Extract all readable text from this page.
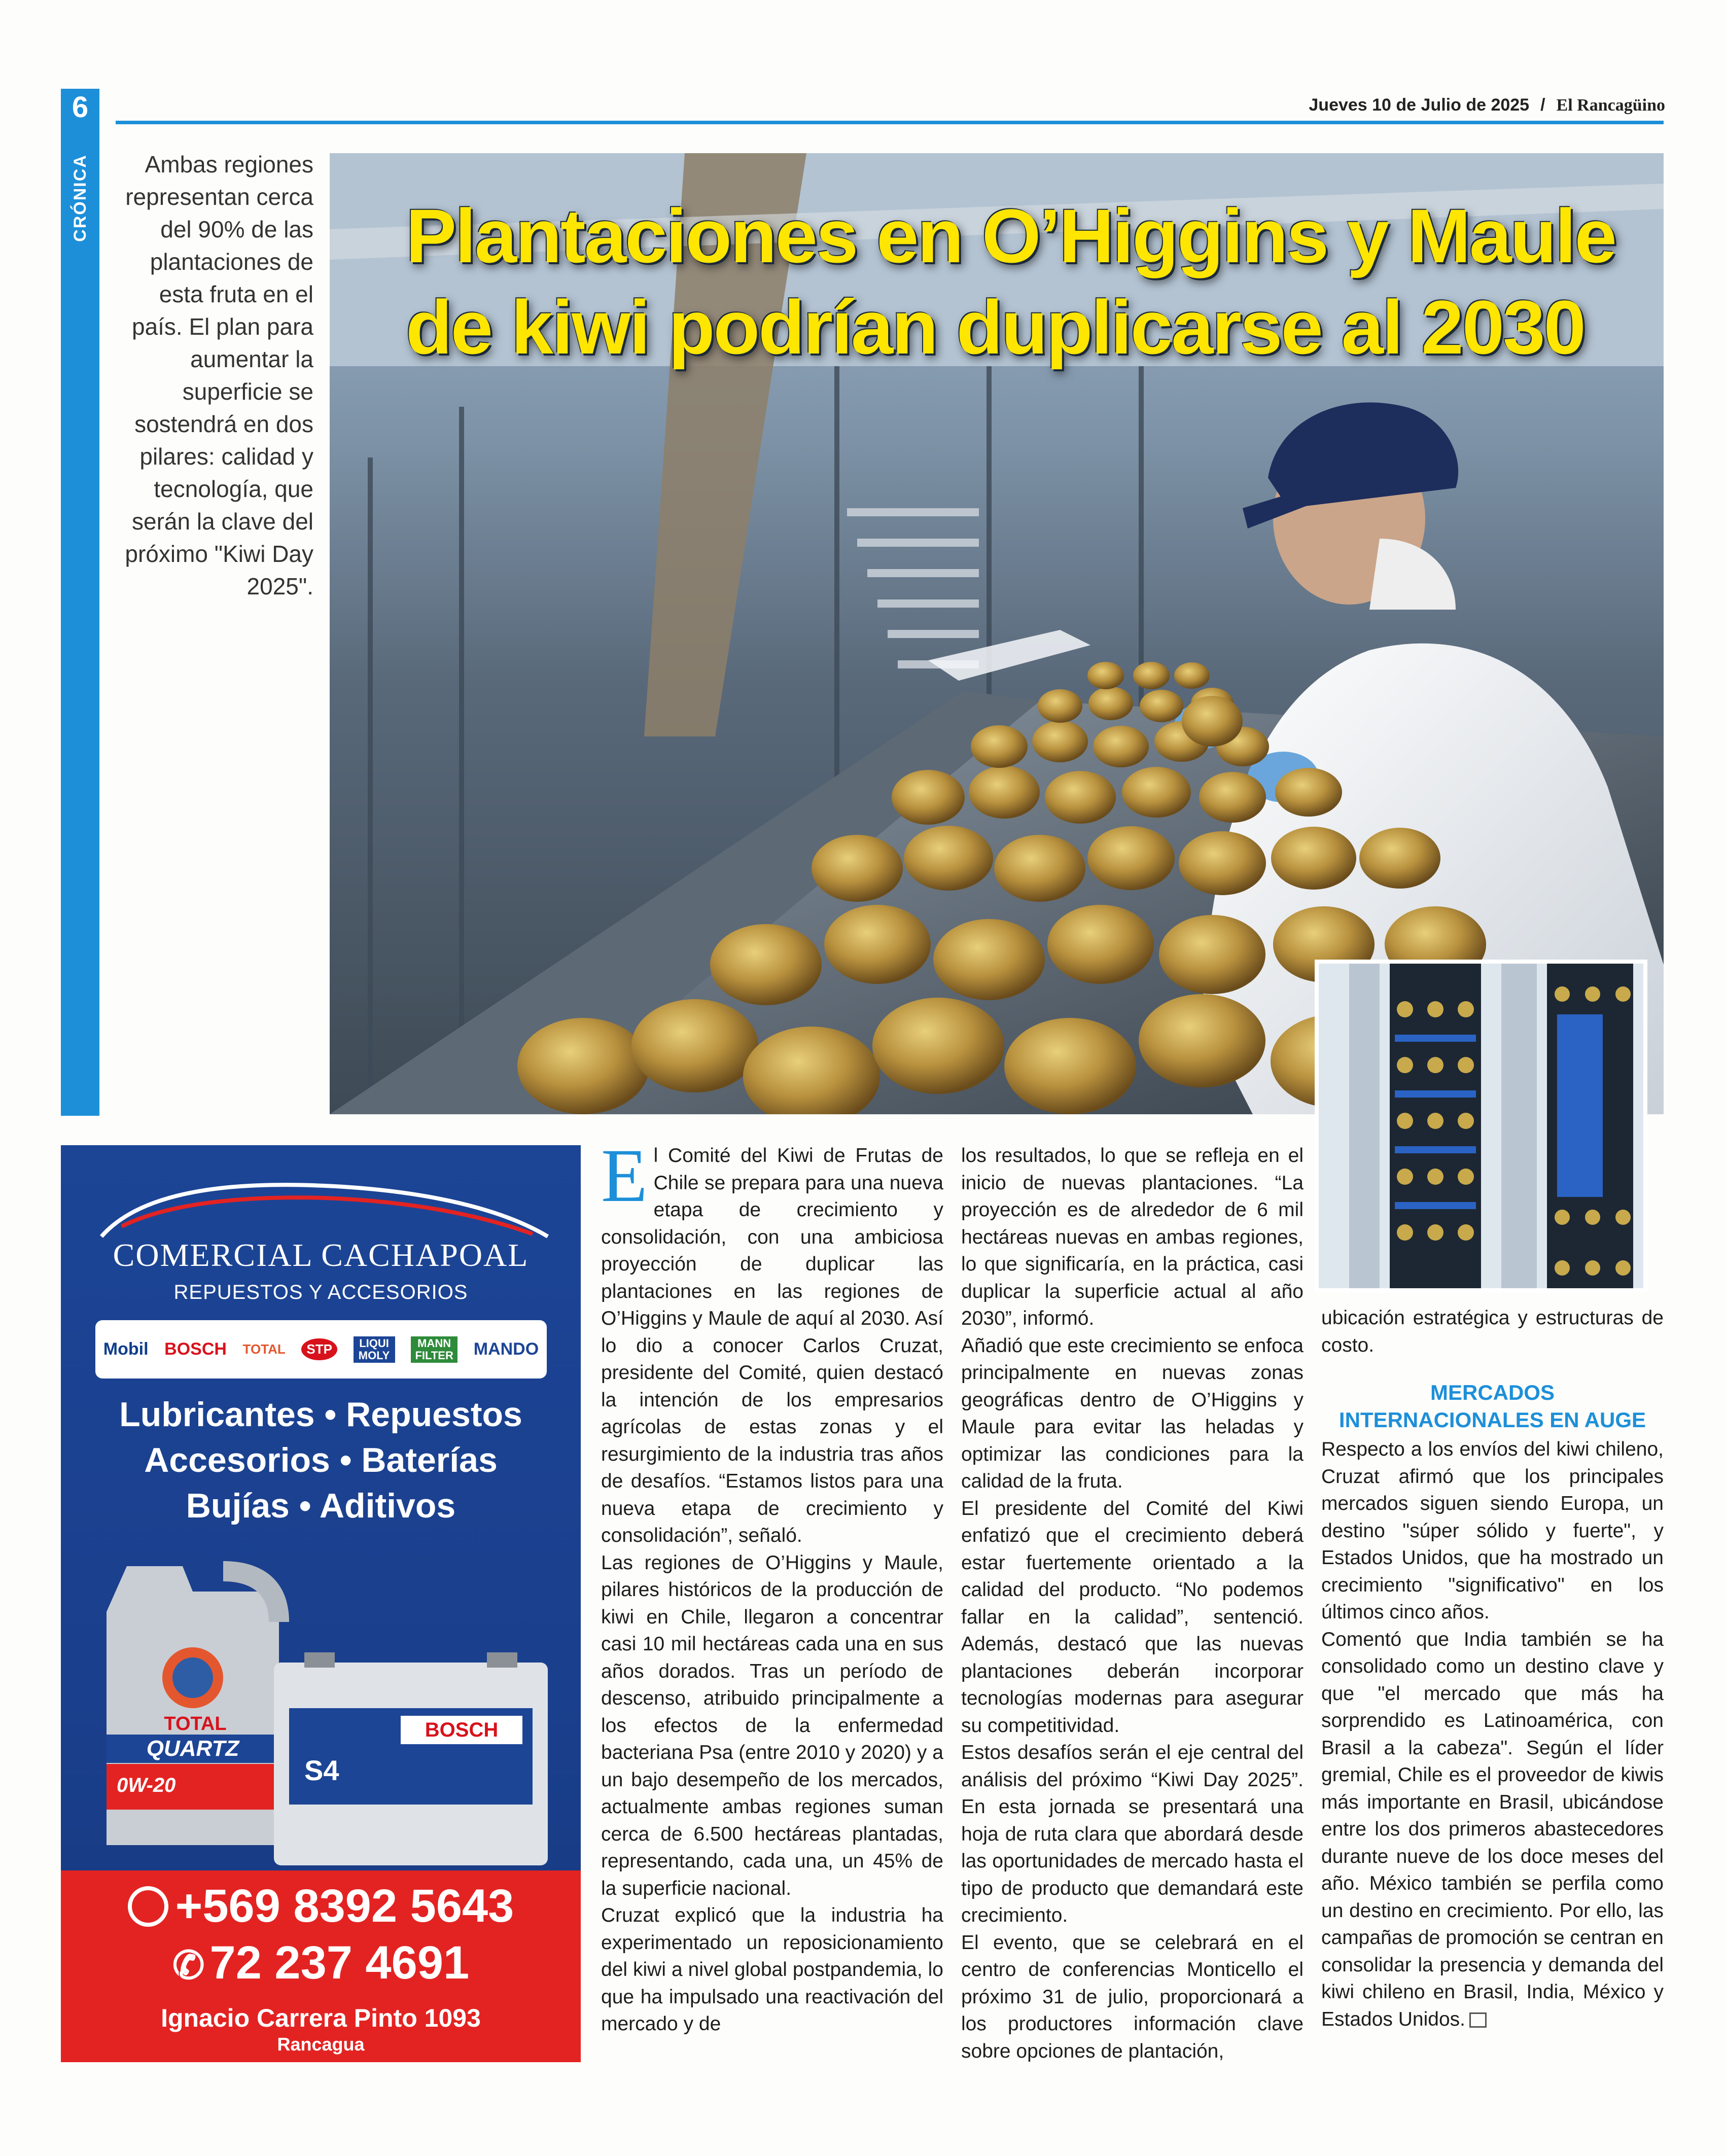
6
CRÓNICA
Jueves 10 de Julio de 2025 / El Rancagüino
Ambas regiones representan cerca del 90% de las plantaciones de esta fruta en el país. El plan para aumentar la superficie se sostendrá en dos pilares: calidad y tecnología, que serán la clave del próximo "Kiwi Day 2025".
Plantaciones en O’Higgins y Maule
de kiwi podrían duplicarse al 2030
COMERCIAL CACHAPOAL
REPUESTOS Y ACCESORIOS
Mobil BOSCH TOTAL	STP	LIQUI MOLY
MANN FILTER MANDO
Lubricantes • Repuestos
Accesorios • Baterías
Bujías • Aditivos
TOTAL
QUARTZ
0W-20
BOSCH
S4
+569 8392 5643
✆ 72 237 4691
Ignacio Carrera Pinto 1093
Rancagua
E l Comité del Kiwi de Frutas de Chile se prepara para una nueva etapa de crecimiento y consolidación, con una ambiciosa proyección de duplicar las plantaciones en las regiones de O’Higgins y Maule de aquí al 2030. Así lo dio a conocer Carlos Cruzat, presidente del Comité, quien destacó la intención de los empresarios agrícolas de estas zonas y el resurgimiento de la industria tras años de desafíos. “Estamos listos para una nueva etapa de crecimiento y consolidación”, señaló.

Las regiones de O’Higgins y Maule, pilares históricos de la producción de kiwi en Chile, llegaron a concentrar casi 10 mil hectáreas cada una en sus años dorados. Tras un período de descenso, atribuido principalmente a los efectos de la enfermedad bacteriana Psa (entre 2010 y 2020) y a un bajo desempeño de los mercados, actualmente ambas regiones suman cerca de 6.500 hectáreas plantadas, representando, cada una, un 45% de la superficie nacional.

Cruzat explicó que la industria ha experimentado un reposicionamiento del kiwi a nivel global postpandemia, lo que ha impulsado una reactivación del mercado y de

los resultados, lo que se refleja en el inicio de nuevas plantaciones. “La proyección es de alrededor de 6 mil hectáreas nuevas en ambas regiones, lo que significaría, en la práctica, casi duplicar la superficie actual al año 2030”, informó.

Añadió que este crecimiento se enfoca principalmente en nuevas zonas geográficas dentro de O’Higgins y Maule para evitar las heladas y optimizar las condiciones para la calidad de la fruta.

El presidente del Comité del Kiwi enfatizó que el crecimiento deberá estar fuertemente orientado a la calidad del producto. “No podemos fallar en la calidad”, sentenció. Además, destacó que las nuevas plantaciones deberán incorporar tecnologías modernas para asegurar su competitividad.

Estos desafíos serán el eje central del análisis del próximo “Kiwi Day 2025”. En esta jornada se presentará una hoja de ruta clara que abordará desde las oportunidades de mercado hasta el tipo de producto que demandará este crecimiento.

El evento, que se celebrará en el centro de conferencias Monticello el próximo 31 de julio, proporcionará a los productores información clave sobre opciones de plantación,

ubicación estratégica y estructuras de costo.

MERCADOS
INTERNACIONALES EN AUGE

Respecto a los envíos del kiwi chileno, Cruzat afirmó que los principales mercados siguen siendo Europa, un destino "súper sólido y fuerte", y Estados Unidos, que ha mostrado un crecimiento "significativo" en los últimos cinco años.

Comentó que India también se ha consolidado como un destino clave y que "el mercado que más ha sorprendido es Latinoamérica, con Brasil a la cabeza". Según el líder gremial, Chile es el proveedor de kiwis más importante en Brasil, ubicándose entre los dos primeros abastecedores durante nueve de los doce meses del año. México también se perfila como un destino en crecimiento. Por ello, las campañas de promoción se centran en consolidar la presencia y demanda del kiwi chileno en Brasil, India, México y Estados Unidos.
